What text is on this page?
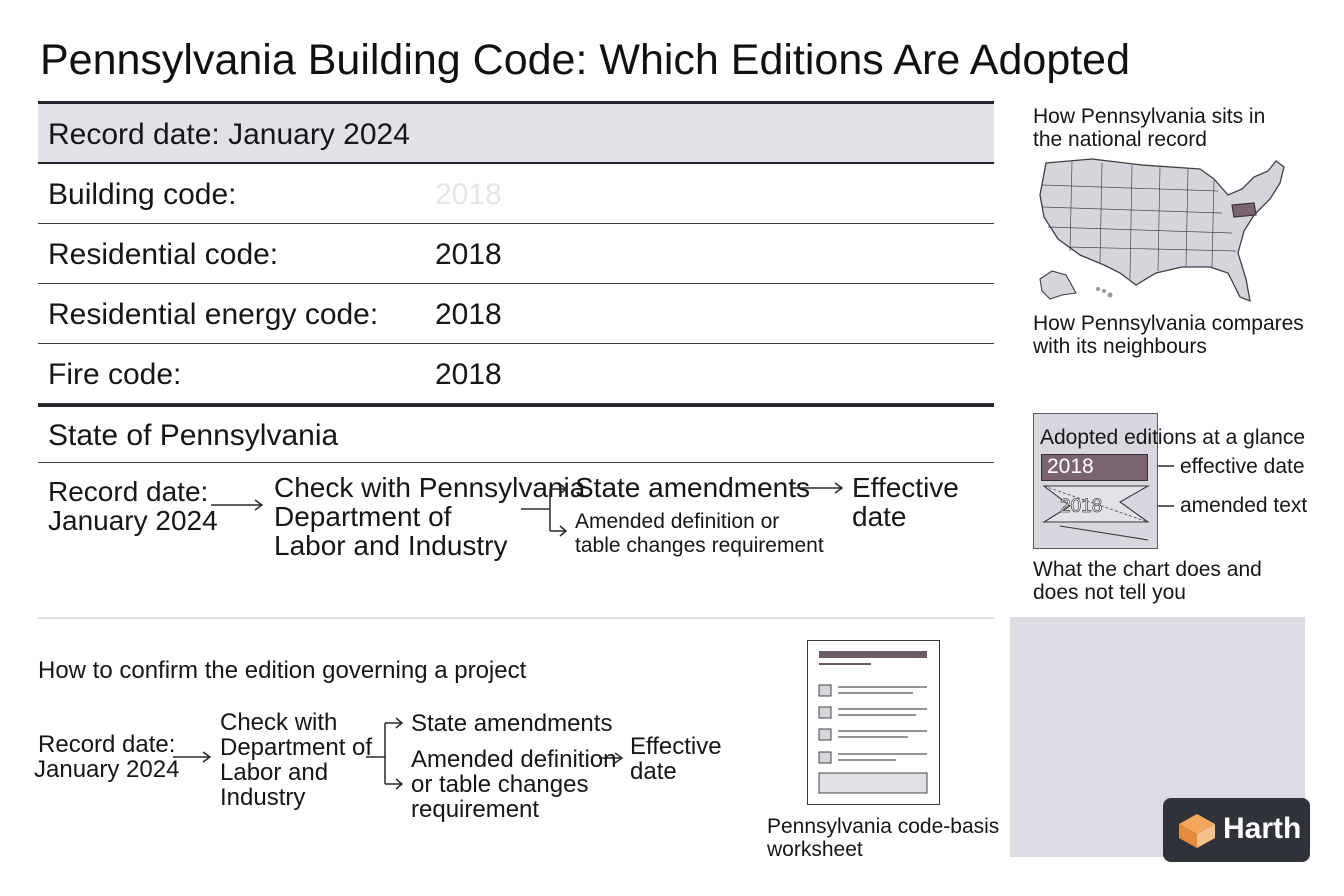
Pennsylvania Building Code: Which Editions Are Adopted
Record date: January 2024
Building code:	2018
Residential code:	2018
Residential energy code: 2018
Fire code:	2018
State of Pennsylvania
Record date:
January 2024
Check with Pennsylvania
Department of
Labor and Industry
State amendments
Amended definition or
table changes requirement
Effective
date
How to confirm the edition governing a project
Record date:
January 2024
Check with
Department of
Labor and
Industry
State amendments
Amended definition
or table changes
requirement
Effective
date
Pennsylvania code-basis
worksheet
How Pennsylvania sits in
the national record
How Pennsylvania compares
with its neighbours
Adopted editions at a glance
2018
2018
effective date
amended text
What the chart does and
does not tell you
Harth
